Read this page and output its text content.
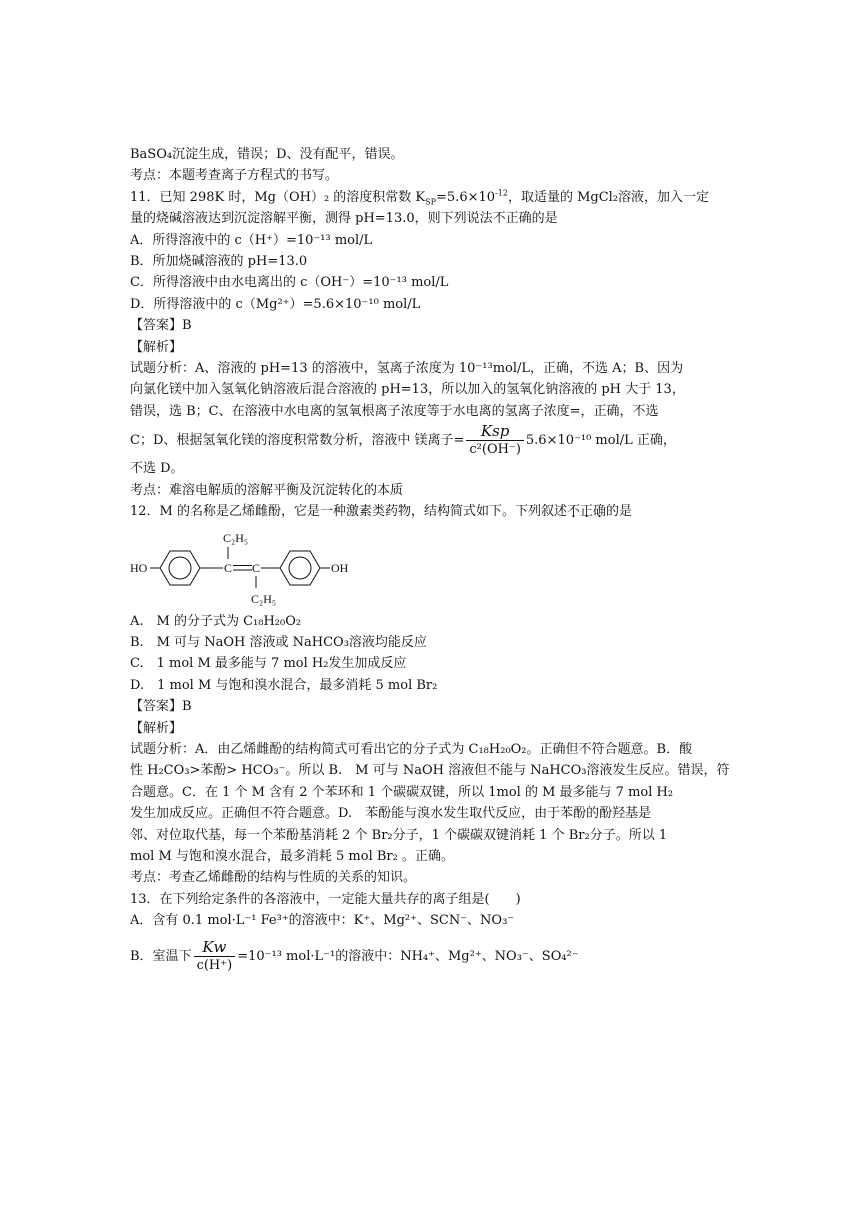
BaSO₄沉淀生成，错误；D、没有配平，错误。
考点：本题考查离子方程式的书写。
11．已知 298K 时，Mg（OH）₂ 的溶度积常数 $K_{SP}=5.6\times 10^{-12}$，取适量的 MgCl₂溶液，加入一定
量的烧碱溶液达到沉淀溶解平衡，测得 pH=13.0，则下列说法不正确的是
A．所得溶液中的 c（H⁺）=10⁻¹³ mol/L
B．所加烧碱溶液的 pH=13.0
C．所得溶液中由水电离出的 c（OH⁻）=10⁻¹³ mol/L
D．所得溶液中的 c（Mg²⁺）=5.6×10⁻¹⁰ mol/L
【答案】B
【解析】
试题分析：A、溶液的 pH=13 的溶液中，氢离子浓度为 10⁻¹³mol/L，正确，不选 A；B、因为
向氯化镁中加入氢氧化钠溶液后混合溶液的 pH=13，所以加入的氢氧化钠溶液的 pH 大于 13，
错误，选 B；C、在溶液中水电离的氢氧根离子浓度等于水电离的氢离子浓度=，正确，不选
C；D、根据氢氧化镁的溶度积常数分析，溶液中 镁离子= $\frac{\text{Ksp}}{\text{c²(OH⁻)}} 5.6\times 10^{-10}$ mol/L 正确，
不选 D。
考点：难溶电解质的溶解平衡及沉淀转化的本质
12．M 的名称是乙烯雌酚，它是一种激素类药物，结构简式如下。下列叙述不正确的是
HO	C C
C₂H₅
C₂H₅
OH
A.　M 的分子式为 C₁₈H₂₀O₂
B.　M 可与 NaOH 溶液或 NaHCO₃溶液均能反应
C.　1 mol M 最多能与 7 mol H₂发生加成反应
D.　1 mol M 与饱和溴水混合，最多消耗 5 mol Br₂
【答案】B
【解析】
试题分析：A．由乙烯雌酚的结构简式可看出它的分子式为 C₁₈H₂₀O₂。正确但不符合题意。B．酸
性 H₂CO₃>苯酚> HCO₃⁻。所以 B.　M 可与 NaOH 溶液但不能与 NaHCO₃溶液发生反应。错误，符
合题意。C．在 1 个 M 含有 2 个苯环和 1 个碳碳双键，所以 1mol 的 M 最多能与 7 mol H₂
发生加成反应。正确但不符合题意。D.　苯酚能与溴水发生取代反应，由于苯酚的酚羟基是
邻、对位取代基，每一个苯酚基消耗 2 个 Br₂分子，1 个碳碳双键消耗 1 个 Br₂分子。所以 1
mol M 与饱和溴水混合，最多消耗 5 mol Br₂ 。正确。
考点：考查乙烯雌酚的结构与性质的关系的知识。
13．在下列给定条件的各溶液中，一定能大量共存的离子组是(　　)
A．含有 0.1 mol·L⁻¹ Fe³⁺的溶液中：K⁺、Mg²⁺、SCN⁻、NO₃⁻
B．室温下 $\frac{Kw}{c(H^+)} =10^{-13}$ mol·L⁻¹的溶液中：NH₄⁺、Mg²⁺、NO₃⁻、SO₄²⁻
